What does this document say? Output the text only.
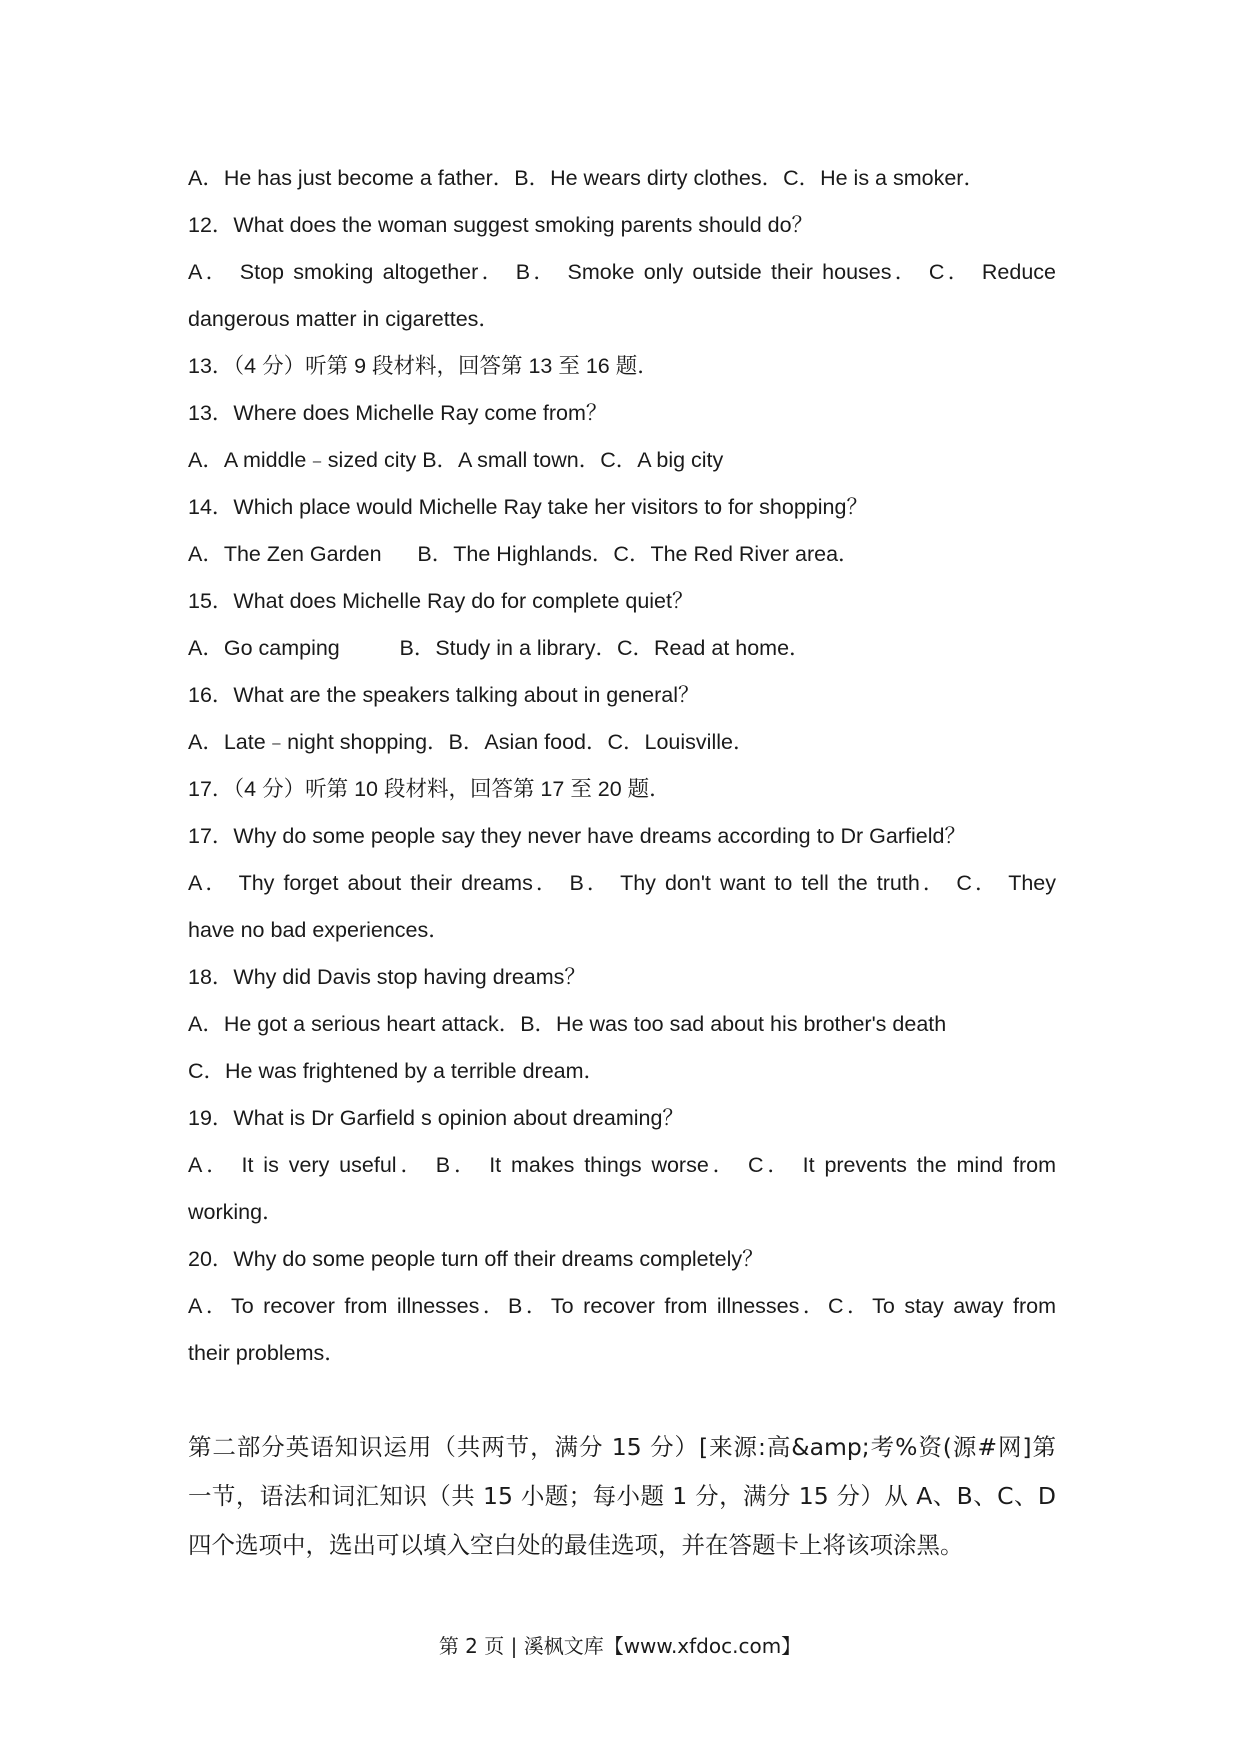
A．He has just become a father．B．He wears dirty clothes．C．He is a smoker．
12．What does the woman suggest smoking parents should do？
A． Stop smoking altogether． B． Smoke only outside their houses． C． Reduce
dangerous matter in cigarettes．
13．（4 分）听第 9 段材料，回答第 13 至 16 题．
13．Where does Michelle Ray come from？
A．A middle﹣sized city B．A small town．C．A big city
14．Which place would Michelle Ray take her visitors to for shopping？
A．The Zen Garden      B．The Highlands．C．The Red River area．
15．What does Michelle Ray do for complete quiet？
A．Go camping          B．Study in a library．C．Read at home．
16．What are the speakers talking about in general？
A．Late﹣night shopping．B．Asian food．C．Louisville．
17．（4 分）听第 10 段材料，回答第 17 至 20 题．
17．Why do some people say they never have dreams according to Dr Garfield？
A． Thy forget about their dreams． B． Thy don't want to tell the truth． C． They
have no bad experiences．
18．Why did Davis stop having dreams？
A．He got a serious heart attack．B．He was too sad about his brother's death
C．He was frightened by a terrible dream．
19．What is Dr Garfield s opinion about dreaming？
A． It is very useful． B． It makes things worse． C． It prevents the mind from
working．
20．Why do some people turn off their dreams completely？
A．To recover from illnesses．B．To recover from illnesses．C．To stay away from
their problems．
第二部分英语知识运用（共两节，满分 15 分）[来源:高&amp;考%资(源#网]第
一节，语法和词汇知识（共 15 小题；每小题 1 分，满分 15 分）从 A、B、C、D
四个选项中，选出可以填入空白处的最佳选项，并在答题卡上将该项涂黑。
第 2 页 | 溪枫文库【www.xfdoc.com】
